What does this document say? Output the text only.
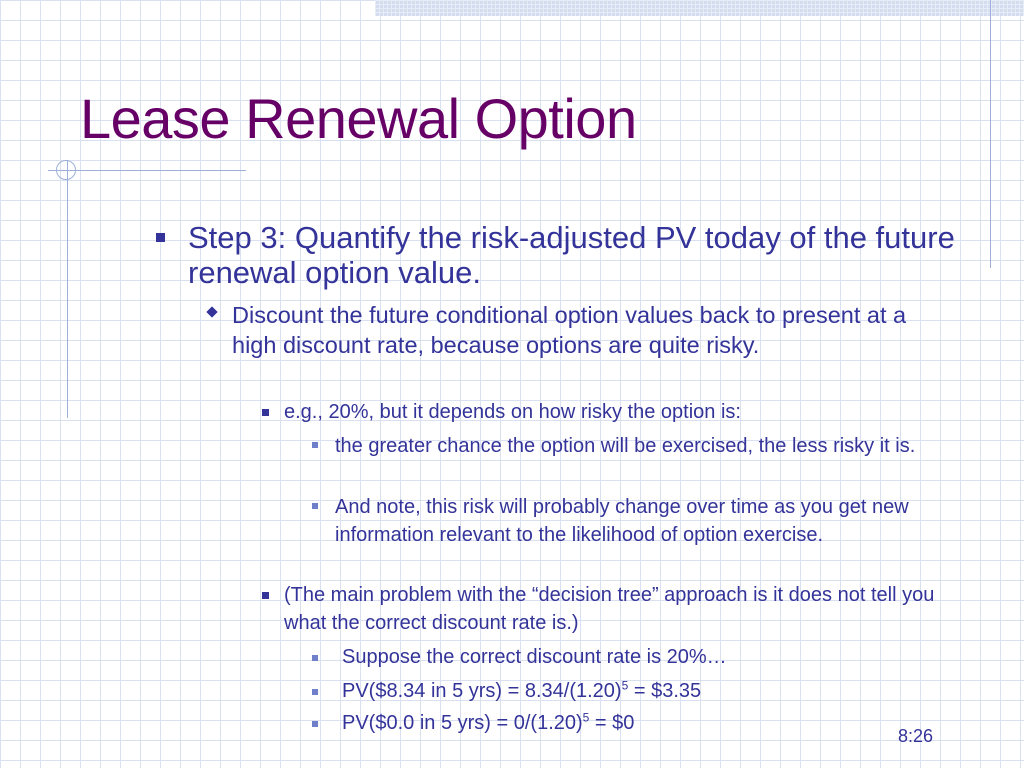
Lease Renewal Option
Step 3: Quantify the risk-adjusted PV today of the future renewal option value.
Discount the future conditional option values back to present at a high discount rate, because options are quite risky.
e.g., 20%, but it depends on how risky the option is:
the greater chance the option will be exercised, the less risky it is.
And note, this risk will probably change over time as you get new information relevant to the likelihood of option exercise.
(The main problem with the “decision tree” approach is it does not tell you what the correct discount rate is.)
Suppose the correct discount rate is 20%…
PV($8.34 in 5 $yrs) = 8.34/(1.20)^5$ = $3.35
PV($0.0 in 5 $yrs) = 0/(1.20)^5$ = $0
8:26
